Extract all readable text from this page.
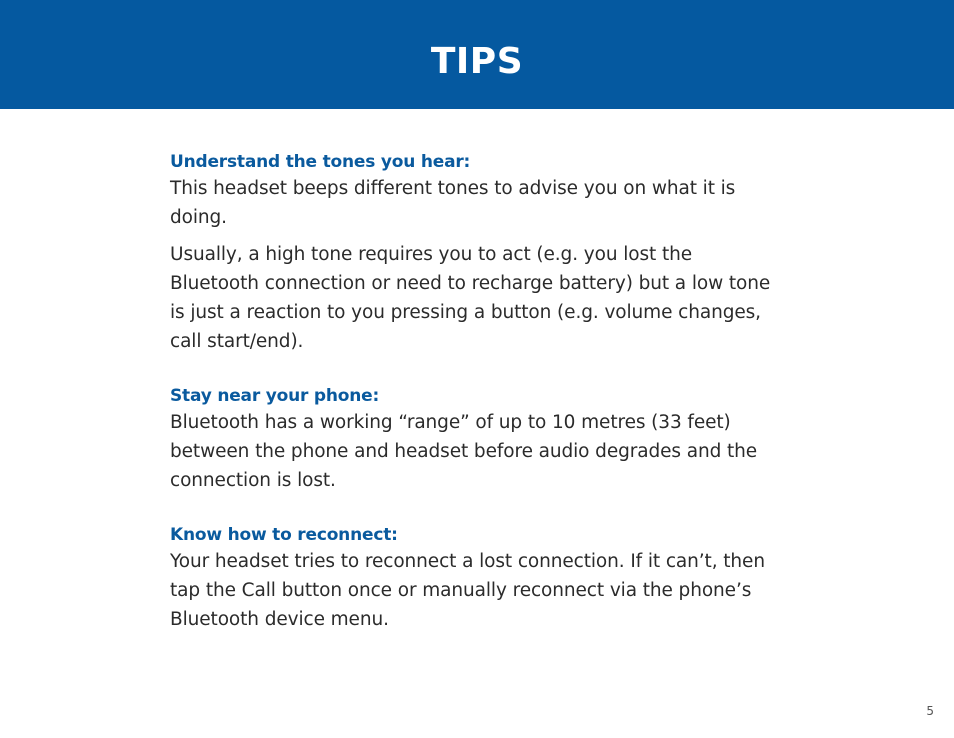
TIPS
Understand the tones you hear:

This headset beeps different tones to advise you on what it is doing.

Usually, a high tone requires you to act (e.g. you lost the Bluetooth connection or need to recharge battery) but a low tone is just a reaction to you pressing a button (e.g. volume changes, call start/end).

Stay near your phone:

Bluetooth has a working “range” of up to 10 metres (33 feet) between the phone and headset before audio degrades and the connection is lost.

Know how to reconnect:

Your headset tries to reconnect a lost connection. If it can’t, then tap the Call button once or manually reconnect via the phone’s Bluetooth device menu.

5
